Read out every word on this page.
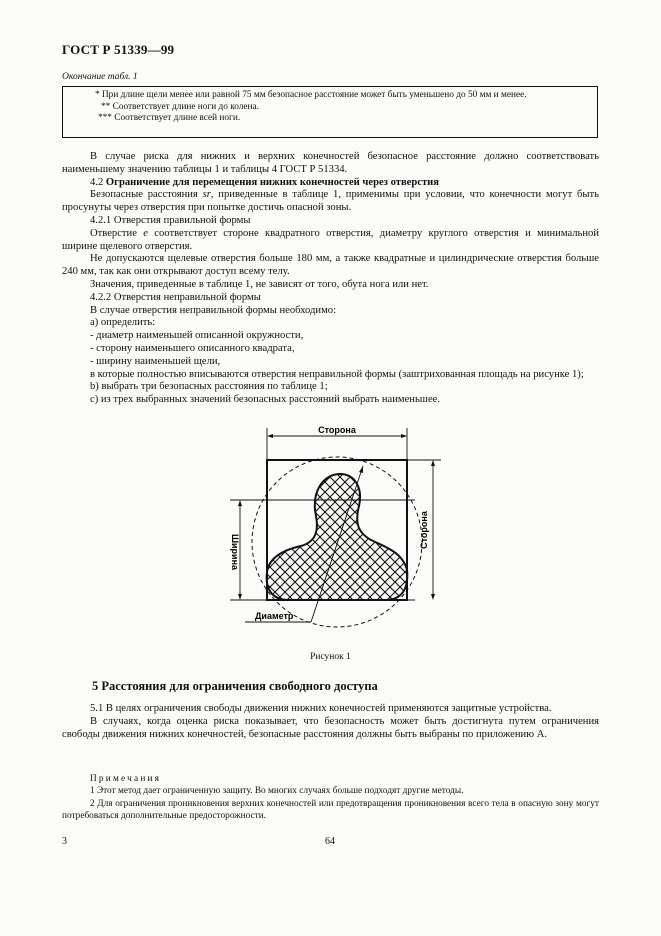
ГОСТ Р 51339—99
Окончание табл. 1

* При длине щели менее или равной 75 мм безопасное расстояние может быть уменьшено до 50 мм и менее.

** Соответствует длине ноги до колена.

*** Соответствует длине всей ноги.

В случае риска для нижних и верхних конечностей безопасное расстояние должно соответствовать наименьшему значению таблицы 1 и таблицы 4 ГОСТ Р 51334.

4.2 Ограничение для перемещения нижних конечностей через отверстия

Безопасные расстояния sr, приведенные в таблице 1, применимы при условии, что конечности могут быть просунуты через отверстия при попытке достичь опасной зоны.

4.2.1 Отверстия правильной формы

Отверстие е соответствует стороне квадратного отверстия, диаметру круглого отверстия и минимальной ширине щелевого отверстия.

Не допускаются щелевые отверстия больше 180 мм, а также квадратные и цилиндрические отверстия больше 240 мм, так как они открывают доступ всему телу.

Значения, приведенные в таблице 1, не зависят от того, обута нога или нет.

4.2.2 Отверстия неправильной формы

В случае отверстия неправильной формы необходимо:

а) определить:

- диаметр наименьшей описанной окружности,

- сторону наименьшего описанного квадрата,

- ширину наименьшей щели,

в которые полностью вписываются отверстия неправильной формы (заштрихованная площадь на рисунке 1);

b) выбрать три безопасных расстояния по таблице 1;

с) из трех выбранных значений безопасных расстояний выбрать наименьшее.

Сторона
Ширина
Сторона
Диаметр
Рисунок 1
5 Расстояния для ограничения свободного доступа

5.1 В целях ограничения свободы движения нижних конечностей применяются защитные устройства.

В случаях, когда оценка риска показывает, что безопасность может быть достигнута путем ограничения свободы движения нижних конечностей, безопасные расстояния должны быть выбраны по приложению А.

Примечания

1 Этот метод дает ограниченную защиту. Во многих случаях больше подходят другие методы.

2 Для ограничения проникновения верхних конечностей или предотвращения проникновения всего тела в опасную зону могут потребоваться дополнительные предосторожности.

3	64
